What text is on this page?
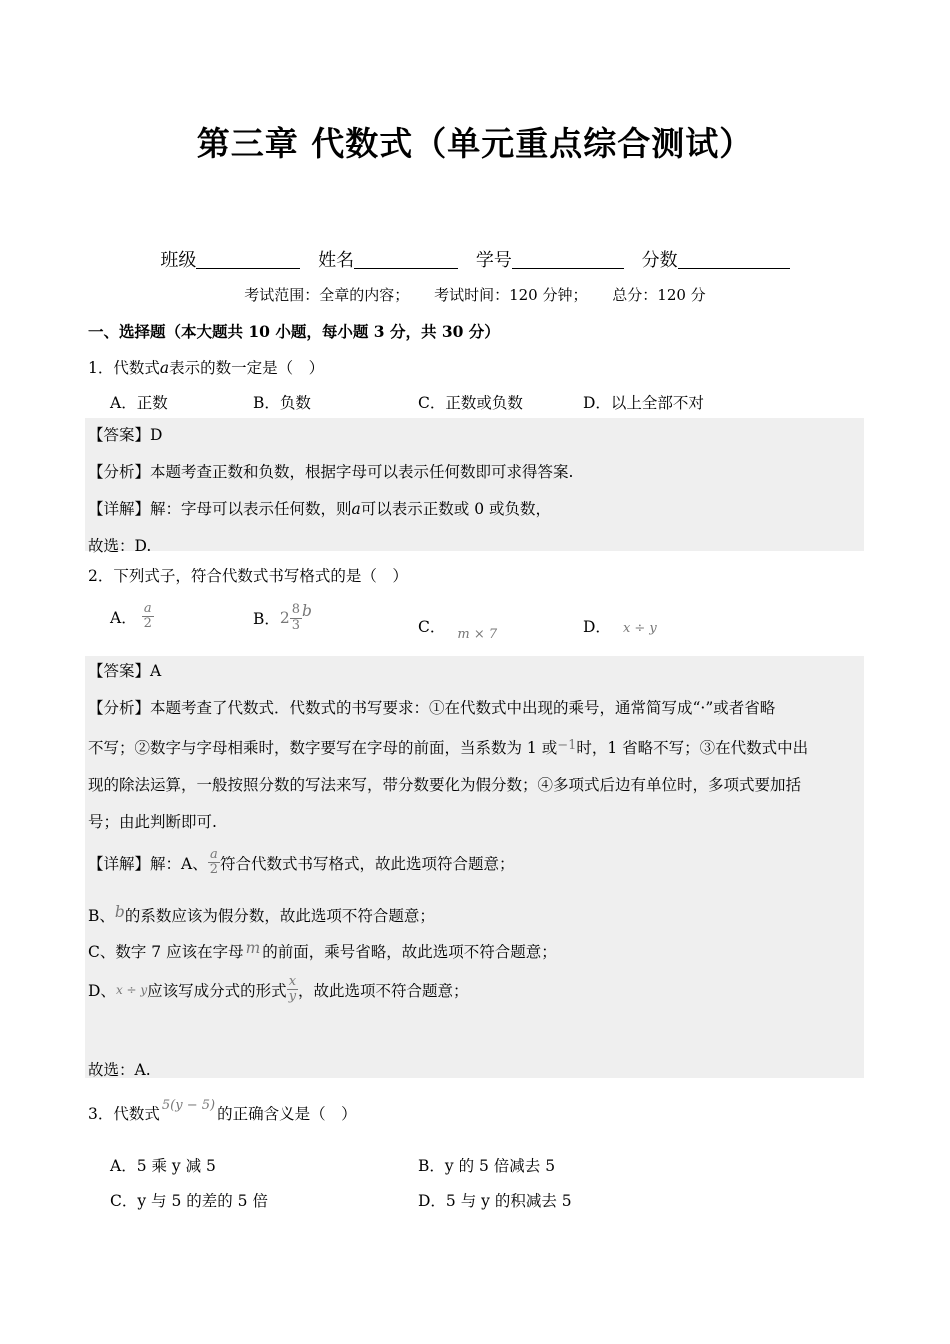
第三章 代数式（单元重点综合测试）
班级	姓名	学号	分数
考试范围：全章的内容； 考试时间：120 分钟； 总分：120 分
一、选择题（本大题共 10 小题，每小题 3 分，共 30 分）
1．代数式a表示的数一定是（　）
A．正数	B．负数	C．正数或负数	D．以上全部不对
【答案】D
【分析】本题考查正数和负数，根据字母可以表示任何数即可求得答案.
【详解】解：字母可以表示任何数，则a可以表示正数或 0 或负数，
故选：D.
2．下列式子，符合代数式书写格式的是（　）
A． $\frac{a}{2}$	B．$2 \frac{8}{3}$ b
C． $_{m \times 7}$	D． x ÷ y
【答案】A
【分析】本题考查了代数式．代数式的书写要求：①在代数式中出现的乘号，通常简写成“·”或者省略
不写；②数字与字母相乘时，数字要写在字母的前面，当系数为 1 或$^{-1}$时，1 省略不写；③在代数式中出
现的除法运算，一般按照分数的写法来写，带分数要化为假分数；④多项式后边有单位时，多项式要加括
号；由此判断即可.
【详解】解：A、 $\frac{a}{2}$ 符合代数式书写格式，故此选项符合题意；
B、b的系数应该为假分数，故此选项不符合题意；
C、数字 7 应该在字母 m 的前面，乘号省略，故此选项不符合题意；
D、x ÷ y应该写成分式的形式 $\frac{x}{y}$ ，故此选项不符合题意；
故选：A.
3．代数式 $^{5(y - 5)}$ 的正确含义是（　）
A．5 乘 y 减 5	B．y 的 5 倍减去 5
C．y 与 5 的差的 5 倍	D．5 与 y 的积减去 5
